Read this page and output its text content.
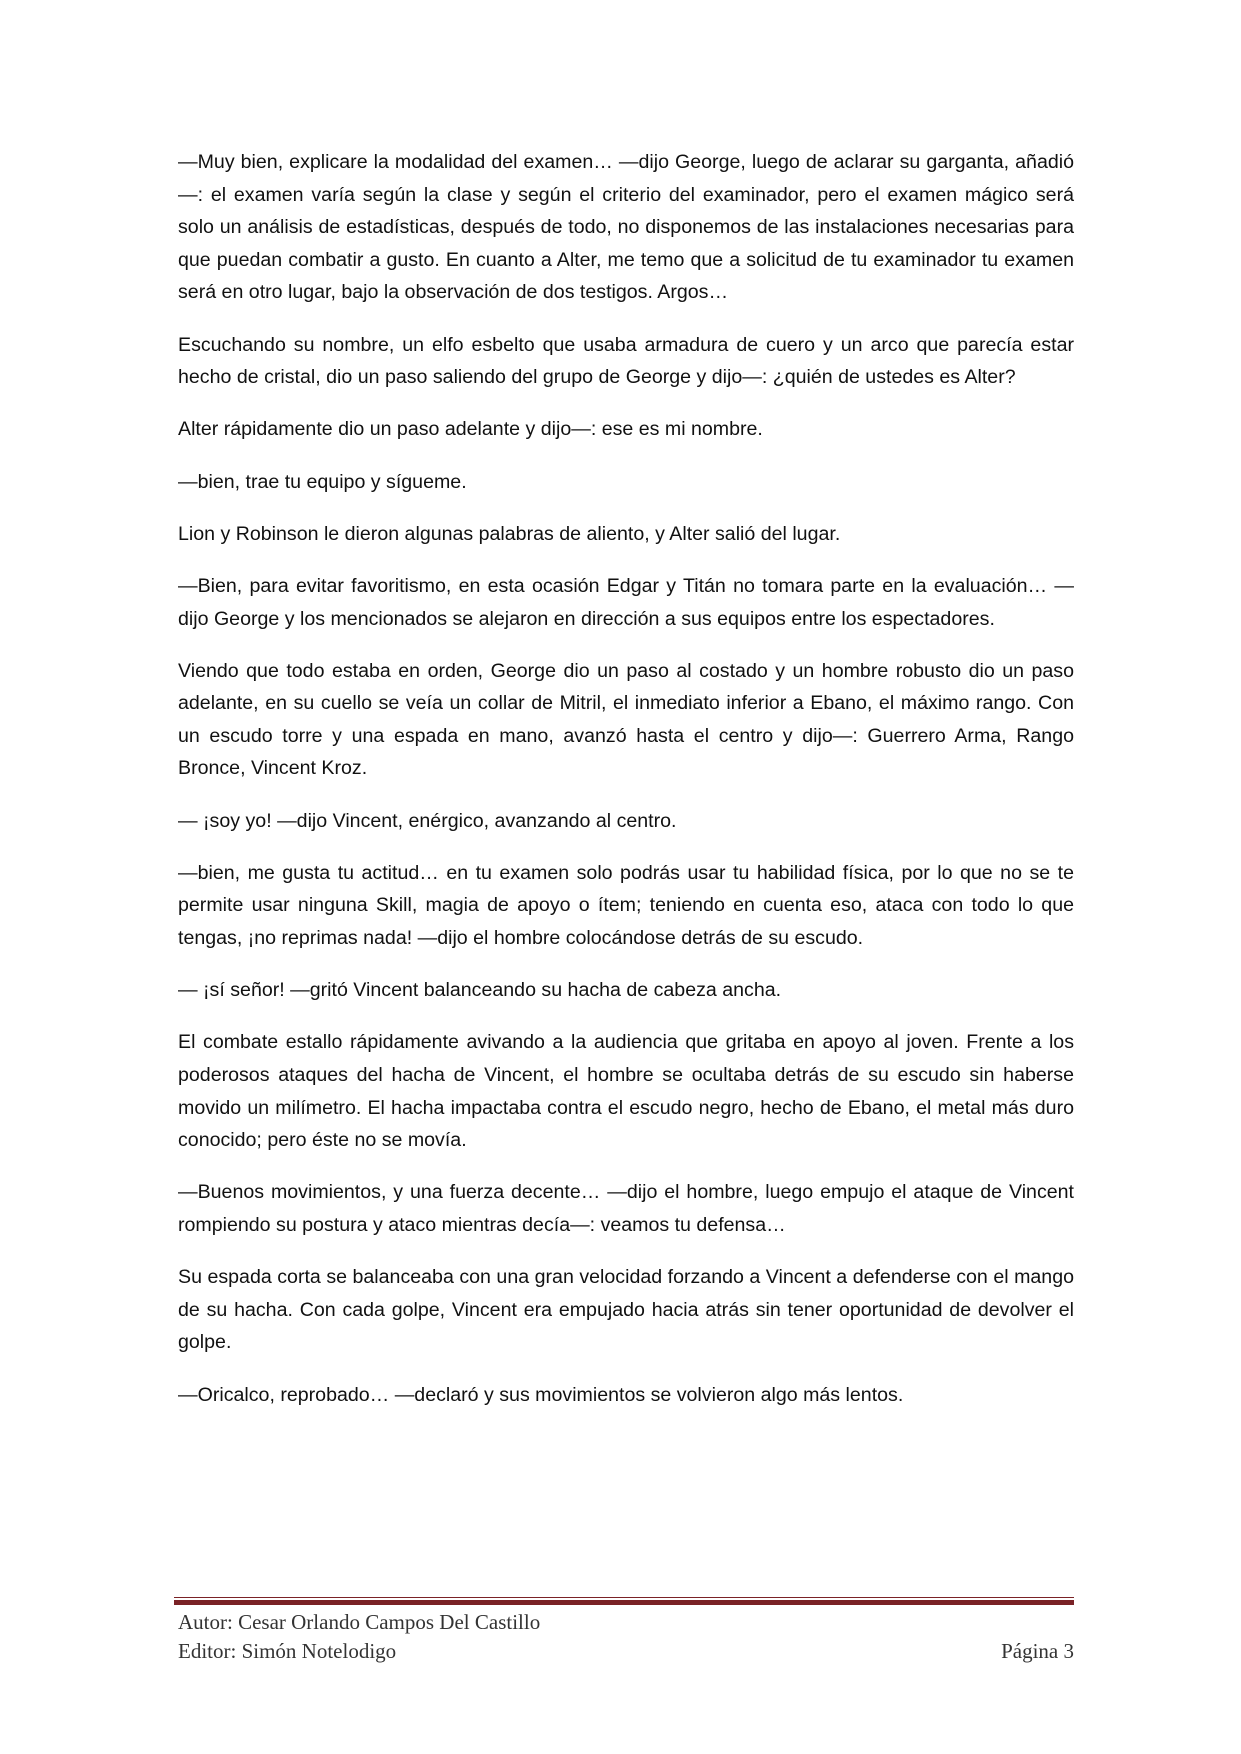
—Muy bien, explicare la modalidad del examen… —dijo George, luego de aclarar su garganta, añadió—: el examen varía según la clase y según el criterio del examinador, pero el examen mágico será solo un análisis de estadísticas, después de todo, no disponemos de las instalaciones necesarias para que puedan combatir a gusto. En cuanto a Alter, me temo que a solicitud de tu examinador tu examen será en otro lugar, bajo la observación de dos testigos. Argos…

Escuchando su nombre, un elfo esbelto que usaba armadura de cuero y un arco que parecía estar hecho de cristal, dio un paso saliendo del grupo de George y dijo—: ¿quién de ustedes es Alter?

Alter rápidamente dio un paso adelante y dijo—: ese es mi nombre.

—bien, trae tu equipo y sígueme.

Lion y Robinson le dieron algunas palabras de aliento, y Alter salió del lugar.

—Bien, para evitar favoritismo, en esta ocasión Edgar y Titán no tomara parte en la evaluación… —dijo George y los mencionados se alejaron en dirección a sus equipos entre los espectadores.

Viendo que todo estaba en orden, George dio un paso al costado y un hombre robusto dio un paso adelante, en su cuello se veía un collar de Mitril, el inmediato inferior a Ebano, el máximo rango. Con un escudo torre y una espada en mano, avanzó hasta el centro y dijo—: Guerrero Arma, Rango Bronce, Vincent Kroz.

— ¡soy yo! —dijo Vincent, enérgico, avanzando al centro.

—bien, me gusta tu actitud… en tu examen solo podrás usar tu habilidad física, por lo que no se te permite usar ninguna Skill, magia de apoyo o ítem; teniendo en cuenta eso, ataca con todo lo que tengas, ¡no reprimas nada! —dijo el hombre colocándose detrás de su escudo.

— ¡sí señor! —gritó Vincent balanceando su hacha de cabeza ancha.

El combate estallo rápidamente avivando a la audiencia que gritaba en apoyo al joven. Frente a los poderosos ataques del hacha de Vincent, el hombre se ocultaba detrás de su escudo sin haberse movido un milímetro. El hacha impactaba contra el escudo negro, hecho de Ebano, el metal más duro conocido; pero éste no se movía.

—Buenos movimientos, y una fuerza decente… —dijo el hombre, luego empujo el ataque de Vincent rompiendo su postura y ataco mientras decía—: veamos tu defensa…

Su espada corta se balanceaba con una gran velocidad forzando a Vincent a defenderse con el mango de su hacha. Con cada golpe, Vincent era empujado hacia atrás sin tener oportunidad de devolver el golpe.

—Oricalco, reprobado… —declaró y sus movimientos se volvieron algo más lentos.

Autor: Cesar Orlando Campos Del Castillo
Editor: Simón Notelodigo	Página 3
